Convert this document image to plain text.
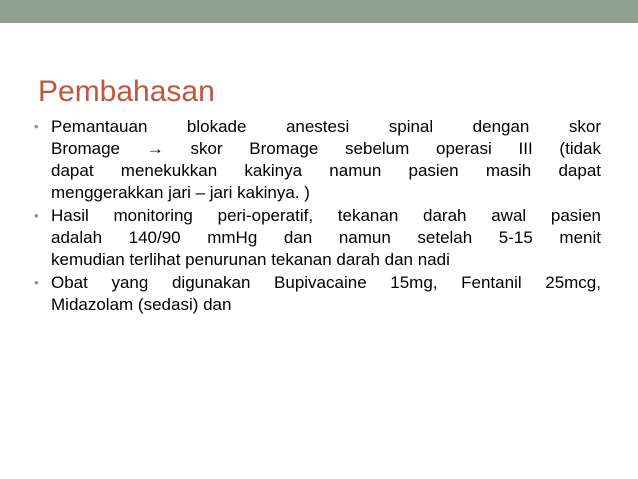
Pembahasan
• Pemantauan blokade anestesi spinal dengan skor
Bromage → skor Bromage sebelum operasi III (tidak
dapat menekukkan kakinya namun pasien masih dapat
menggerakkan jari – jari kakinya. )
• Hasil monitoring peri-operatif, tekanan darah awal pasien
adalah 140/90 mmHg dan namun setelah 5-15 menit
kemudian terlihat penurunan tekanan darah dan nadi
• Obat yang digunakan Bupivacaine 15mg, Fentanil 25mcg,
Midazolam (sedasi) dan
